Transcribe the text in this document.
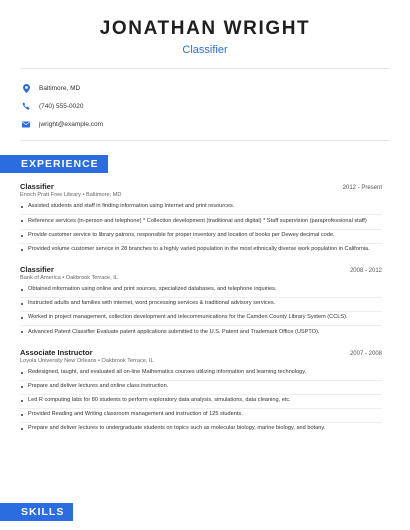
JONATHAN WRIGHT
Classifier
Baltimore, MD
(740) 555-0020
jwright@example.com
EXPERIENCE
Classifier	2012 - Present
Enoch Pratt Free Library • Baltimore, MD
Assisted students and staff in finding information using Internet and print resources.
Reference services (in-person and telephone) * Collection development (traditional and digital) * Staff supervision (paraprofessional staff)
Provide customer service to library patrons, responsible for proper inventory and location of books per Dewey decimal code.
Provided volume customer service in 28 branches to a highly varied population in the most ethnically diverse work population in California.
Classifier	2008 - 2012
Bank of America • Oakbrook Terrace, IL
Obtained information using online and print sources, specialized databases, and telephone inquiries.
Instructed adults and families with internet, word processing services & traditional advisory services.
Worked in project management, collection development and telecommunications for the Camden County Library System (CCLS).
Advanced Patent Classifier Evaluate patent applications submitted to the U.S. Patent and Trademark Office (USPTO).
Associate Instructor	2007 - 2008
Loyola University New Orleans • Oakbrook Terrace, IL
Redesigned, taught, and evaluated all on-line Mathematics courses utilizing information and learning technology.
Prepare and deliver lectures and online class instruction.
Led R computing labs for 80 students to perform exploratory data analysis, simulations, data cleaning, etc.
Provided Reading and Writing classroom management and instruction of 125 students.
Prepare and deliver lectures to undergraduate students on topics such as molecular biology, marine biology, and botany.
SKILLS
